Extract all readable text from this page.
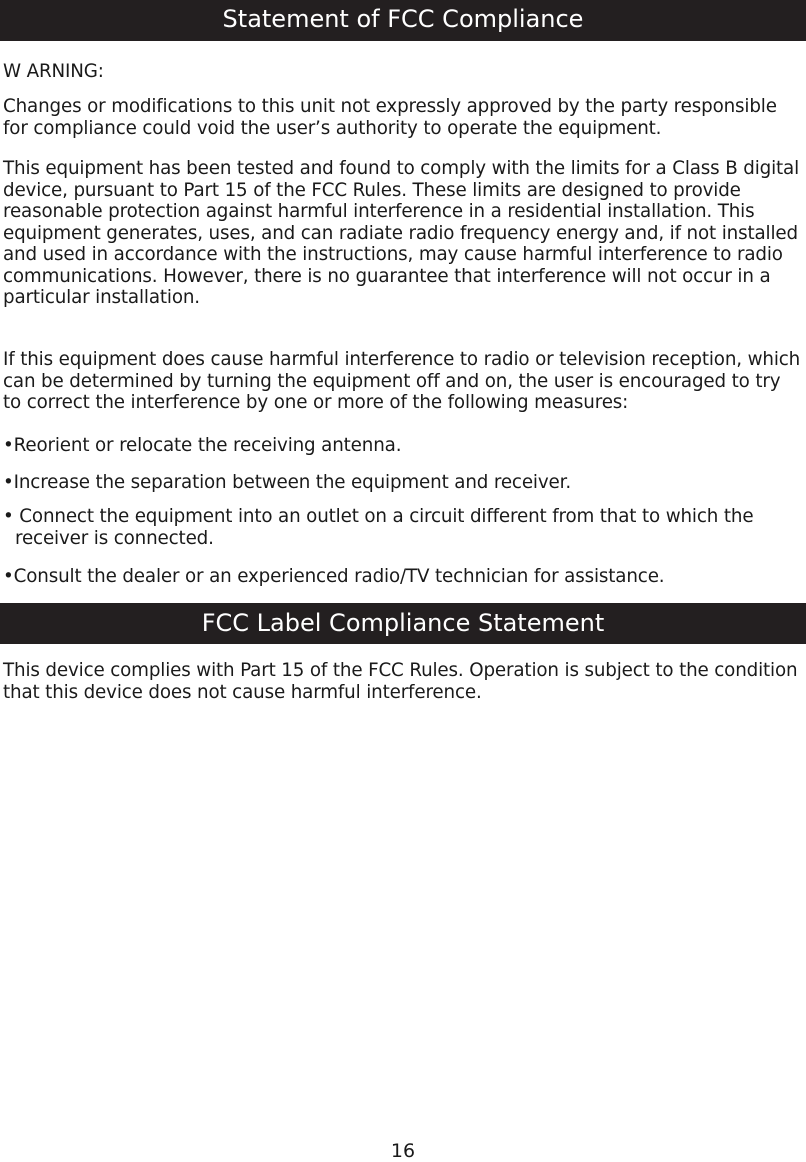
Statement of FCC Compliance

W ARNING:

Changes or modifications to this unit not expressly approved by the party responsible for compliance could void the user’s authority to operate the equipment.

This equipment has been tested and found to comply with the limits for a Class B digital device, pursuant to Part 15 of the FCC Rules. These limits are designed to provide reasonable protection against harmful interference in a residential installation. This equipment generates, uses, and can radiate radio frequency energy and, if not installed and used in accordance with the instructions, may cause harmful interference to radio communications. However, there is no guarantee that interference will not occur in a particular installation.

If this equipment does cause harmful interference to radio or television reception, which can be determined by turning the equipment off and on, the user is encouraged to try to correct the interference by one or more of the following measures:

•Reorient or relocate the receiving antenna.

•Increase the separation between the equipment and receiver.

• Connect the equipment into an outlet on a circuit different from that to which the receiver is connected.

•Consult the dealer or an experienced radio/TV technician for assistance.

FCC Label Compliance Statement

This device complies with Part 15 of the FCC Rules. Operation is subject to the condition that this device does not cause harmful interference.

16
